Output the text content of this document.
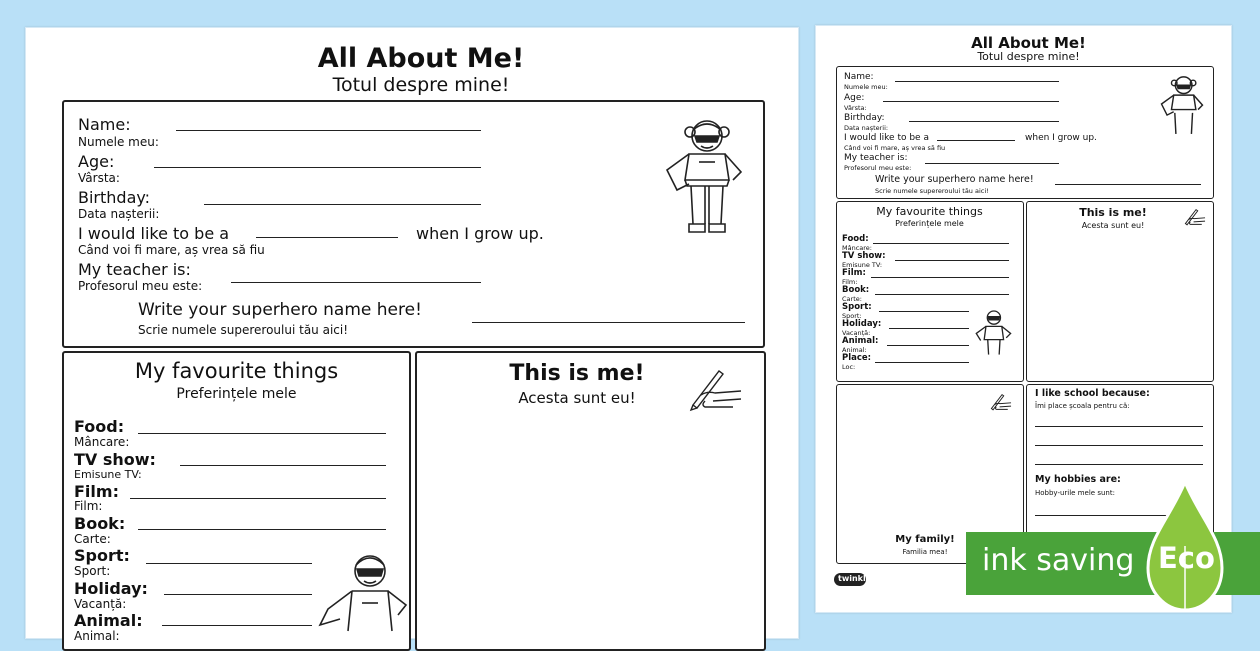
All About Me!
Totul despre mine!
Name:
Numele meu:
Age:
Vârsta:
Birthday:
Data nașterii:
I would like to be a
Când voi fi mare, aș vrea să fiu
when I grow up.
My teacher is:
Profesorul meu este:
Write your superhero name here!
Scrie numele supereroului tău aici!
My favourite things
Preferințele mele
Food:
Mâncare:
TV show:
Emisune TV:
Film:
Film:
Book:
Carte:
Sport:
Sport:
Holiday:
Vacanță:
Animal:
Animal:
This is me!
Acesta sunt eu!
All About Me!
Totul despre mine!
Name:
Numele meu:
Age:
Vârsta:
Birthday:
Data nașterii:
I would like to be a
Când voi fi mare, aș vrea să fiu
when I grow up.
My teacher is:
Profesorul meu este:
Write your superhero name here!
Scrie numele supereroului tău aici!
My favourite things
Preferințele mele
Food:
Mâncare:
TV show:
Emisune TV:
Film:
Film:
Book:
Carte:
Sport:
Sport:
Holiday:
Vacanță:
Animal:
Animal:
Place:
Loc:
This is me!
Acesta sunt eu!
My family!
Familia mea!
I like school because:
Îmi place școala pentru că:
My hobbies are:
Hobby-urile mele sunt:
twinkl
ink saving Eco
